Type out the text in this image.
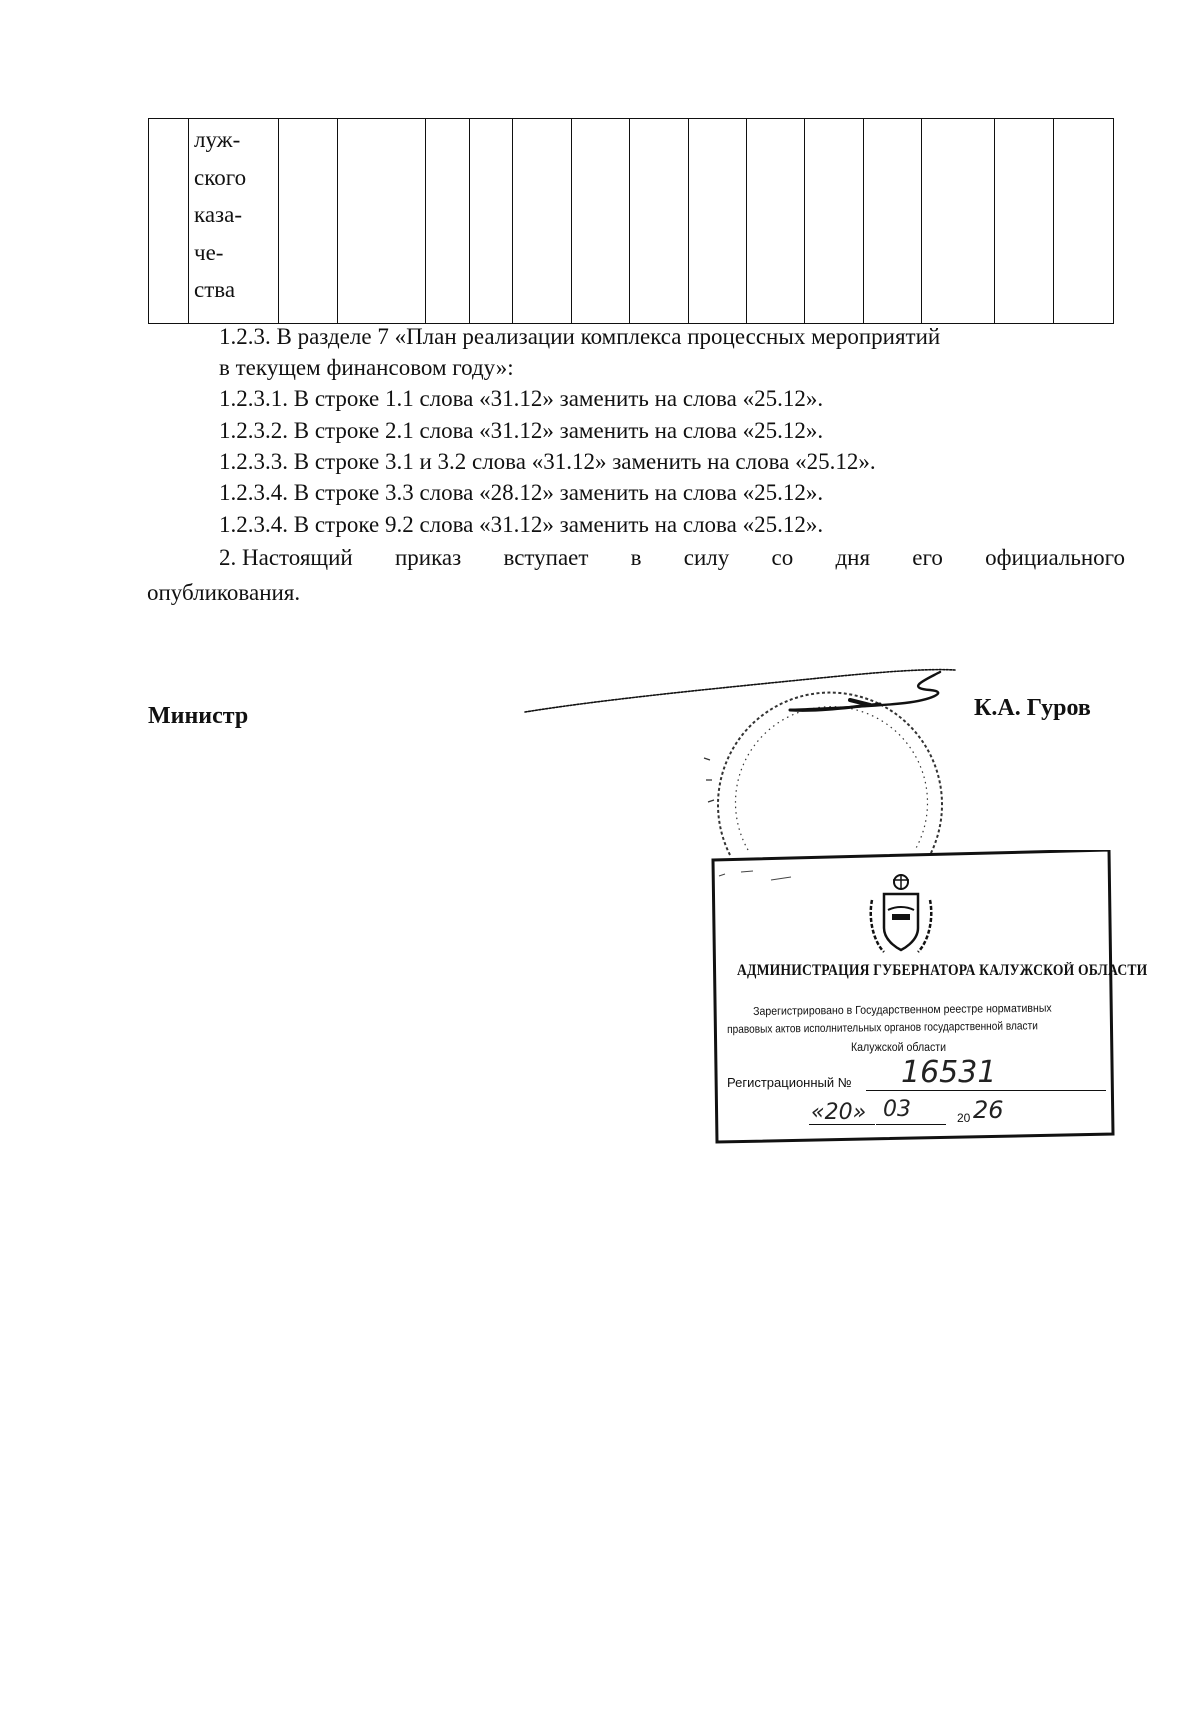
луж-
ского
каза-
че-
ства

1.2.3. В разделе 7 «План реализации комплекса процессных мероприятий
в текущем финансовом году»:
1.2.3.1. В строке 1.1 слова «31.12» заменить на слова «25.12».
1.2.3.2. В строке 2.1 слова «31.12» заменить на слова «25.12».
1.2.3.3. В строке 3.1 и 3.2 слова «31.12» заменить на слова «25.12».
1.2.3.4. В строке 3.3 слова «28.12» заменить на слова «25.12».
1.2.3.4. В строке 9.2 слова «31.12» заменить на слова «25.12».
2. Настоящий приказ вступает в силу со дня его официального
опубликования.
Министр	К.А. Гуров
АДМИНИСТРАЦИЯ ГУБЕРНАТОРА КАЛУЖСКОЙ ОБЛАСТИ
Зарегистрировано в Государственном реестре нормативных
правовых актов исполнительных органов государственной власти
Калужской области
Регистрационный № 16531
«20» 03	20 26
